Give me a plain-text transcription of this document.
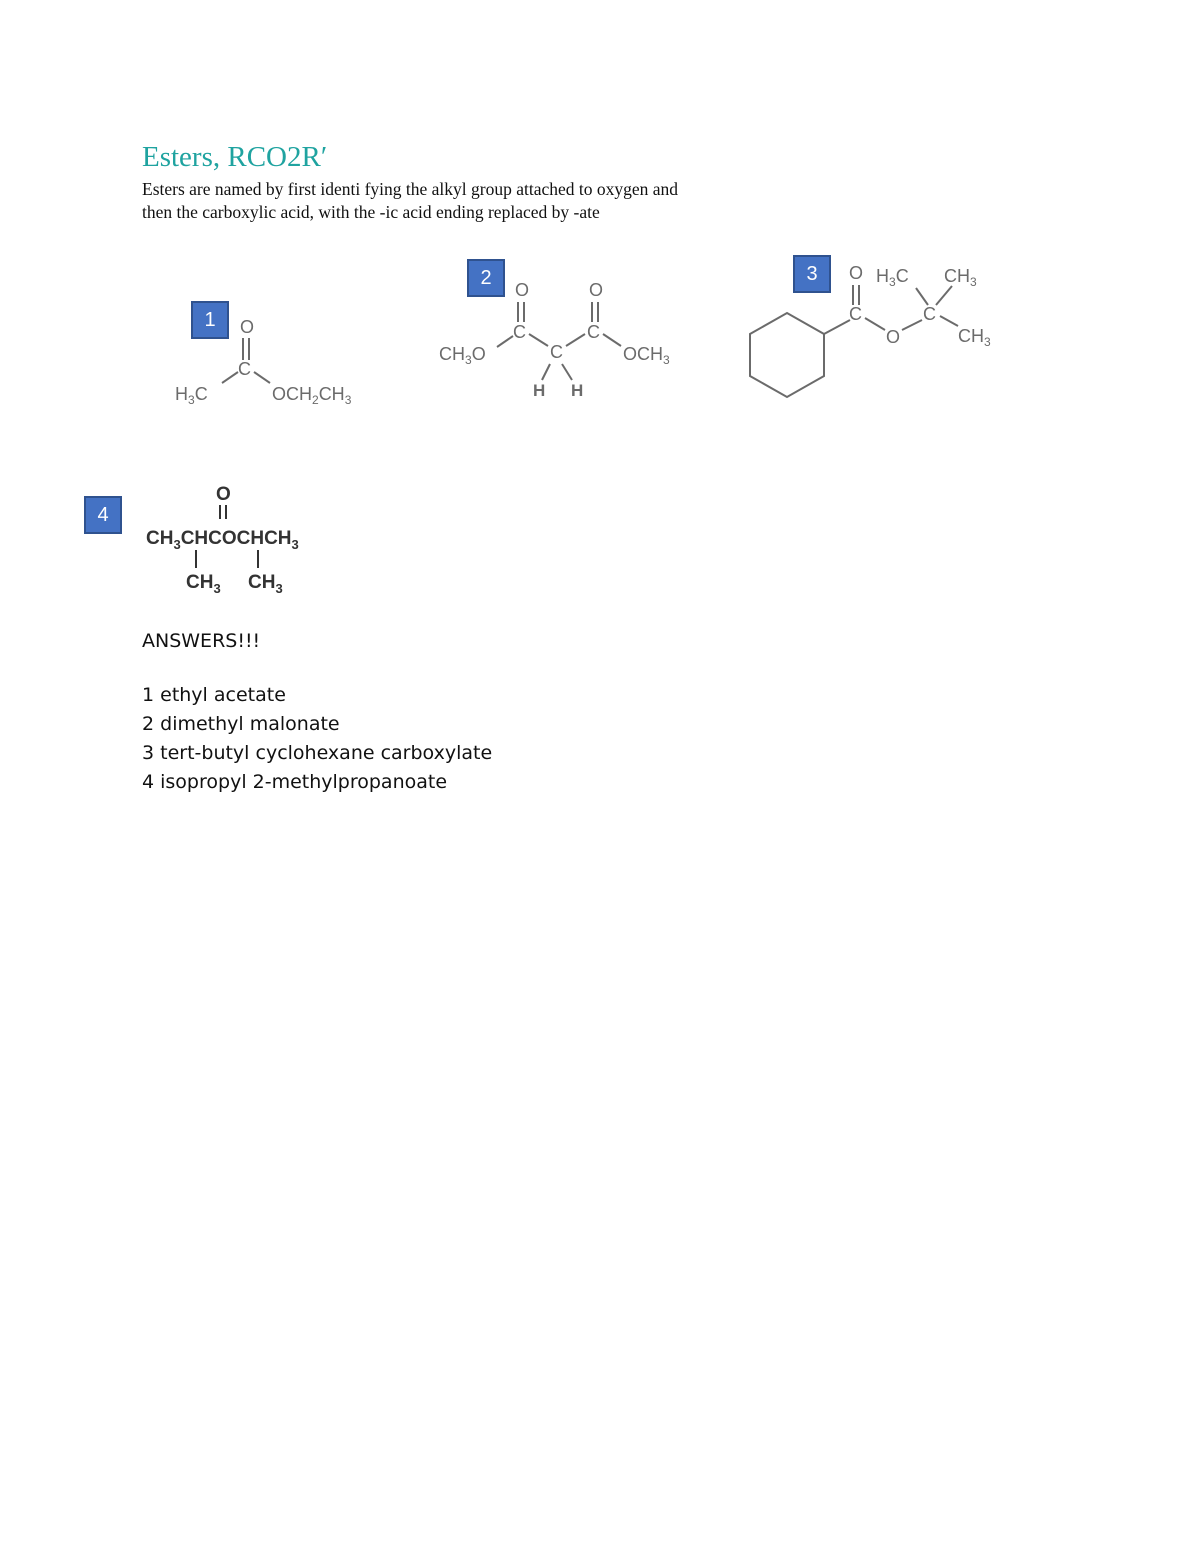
Esters, RCO2R′
Esters are named by first identi fying the alkyl group attached to oxygen and
then the carboxylic acid, with the -ic acid ending replaced by -ate
1	O
C
$H_3C$	$OCH_2CH_3$
2
O	O
C	C
C
H H
$CH_3O$	$OCH_3$
3	O
C
O
C
$H_3C$ $CH_3$
$CH_3$
4
O
$CH_3CHCOCHCH_3$
$CH_3$ $CH_3$
ANSWERS!!!
1 ethyl acetate
2 dimethyl malonate
3 tert-butyl cyclohexane carboxylate
4 isopropyl 2-methylpropanoate
